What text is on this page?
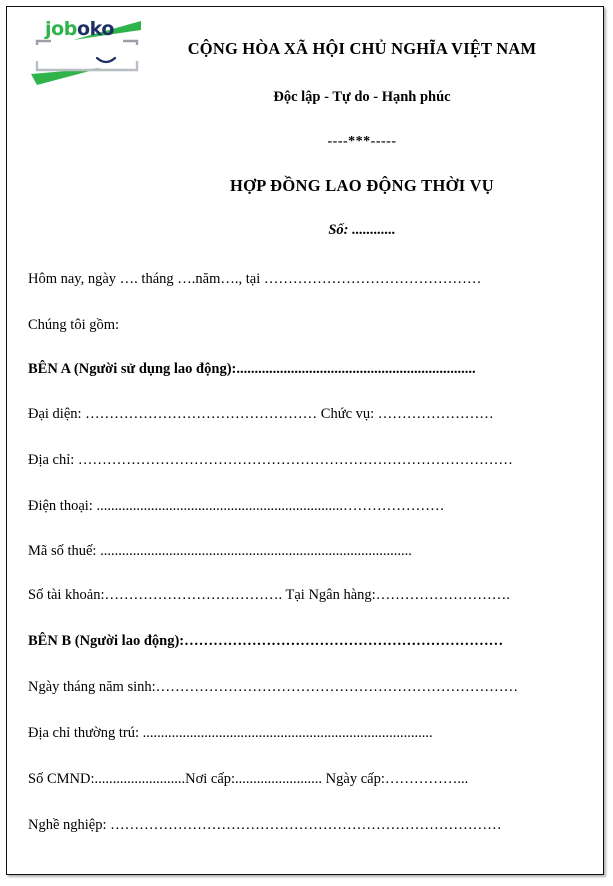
joboko
CỘNG HÒA XÃ HỘI CHỦ NGHĨA VIỆT NAM
Độc lập - Tự do - Hạnh phúc
----***-----
HỢP ĐỒNG LAO ĐỘNG THỜI VỤ
Số: ............
Hôm nay, ngày …. tháng ….năm…., tại ………………………………………
Chúng tôi gồm:
BÊN A (Người sử dụng lao động):..................................................................
Đại diện: ………………………………………… Chức vụ: ……………………
Địa chỉ: ………………………………………………………………………………
Điện thoại: ....................................................................…………………
Mã số thuế: ......................................................................................
Số tài khoản:………………………………. Tại Ngân hàng:……………………….
BÊN B (Người lao động):…………………………………………………………
Ngày tháng năm sinh:…………………………………………………………………
Địa chỉ thường trú: ................................................................................
Số CMND:.........................Nơi cấp:........................ Ngày cấp:……………...
Nghề nghiệp: ………………………………………………………………………
